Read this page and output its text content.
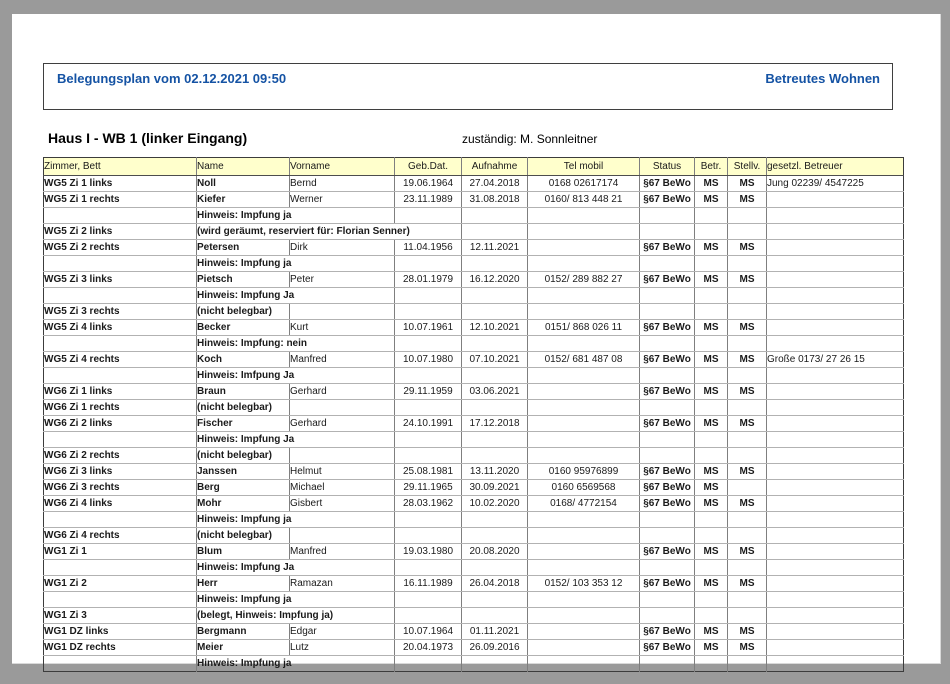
Belegungsplan vom 02.12.2021 09:50	Betreutes Wohnen
Haus I - WB 1 (linker Eingang)	zuständig: M. Sonnleitner
Zimmer, Bett	Name	Vorname	Geb.Dat.	Aufnahme	Tel mobil	Status	Betr.	Stellv.	gesetzl. Betreuer
WG5 Zi 1 links	Noll	Bernd	19.06.1964	27.04.2018	0168 02617174	§67 BeWo	MS	MS	Jung 02239/ 4547225
WG5 Zi 1 rechts	Kiefer	Werner	23.11.1989	31.08.2018	0160/ 813 448 21	§67 BeWo	MS	MS	
	Hinweis: Impfung ja								
WG5 Zi 2 links	(wird geräumt, reserviert für: Florian Senner)								
WG5 Zi 2 rechts	Petersen	Dirk	11.04.1956	12.11.2021		§67 BeWo	MS	MS	
	Hinweis: Impfung ja								
WG5 Zi 3 links	Pietsch	Peter	28.01.1979	16.12.2020	0152/ 289 882 27	§67 BeWo	MS	MS	
	Hinweis: Impfung Ja								
WG5 Zi 3 rechts	(nicht belegbar)								
WG5 Zi 4 links	Becker	Kurt	10.07.1961	12.10.2021	0151/ 868 026 11	§67 BeWo	MS	MS	
	Hinweis: Impfung: nein								
WG5 Zi 4 rechts	Koch	Manfred	10.07.1980	07.10.2021	0152/ 681 487 08	§67 BeWo	MS	MS	Große 0173/ 27 26 15
	Hinweis: Imfpung Ja								
WG6 Zi 1 links	Braun	Gerhard	29.11.1959	03.06.2021		§67 BeWo	MS	MS	
WG6 Zi 1 rechts	(nicht belegbar)								
WG6 Zi 2 links	Fischer	Gerhard	24.10.1991	17.12.2018		§67 BeWo	MS	MS	
	Hinweis: Impfung Ja								
WG6 Zi 2 rechts	(nicht belegbar)								
WG6 Zi 3 links	Janssen	Helmut	25.08.1981	13.11.2020	0160 95976899	§67 BeWo	MS	MS	
WG6 Zi 3 rechts	Berg	Michael	29.11.1965	30.09.2021	0160 6569568	§67 BeWo	MS		
WG6 Zi 4 links	Mohr	Gisbert	28.03.1962	10.02.2020	0168/ 4772154	§67 BeWo	MS	MS	
	Hinweis: Impfung ja								
WG6 Zi 4 rechts	(nicht belegbar)								
WG1 Zi 1	Blum	Manfred	19.03.1980	20.08.2020		§67 BeWo	MS	MS	
	Hinweis: Impfung Ja								
WG1 Zi 2	Herr	Ramazan	16.11.1989	26.04.2018	0152/ 103 353 12	§67 BeWo	MS	MS	
	Hinweis: Impfung ja								
WG1 Zi 3	(belegt, Hinweis: Impfung ja)								
WG1 DZ links	Bergmann	Edgar	10.07.1964	01.11.2021		§67 BeWo	MS	MS	
WG1 DZ rechts	Meier	Lutz	20.04.1973	26.09.2016		§67 BeWo	MS	MS	
	Hinweis: Impfung ja								
